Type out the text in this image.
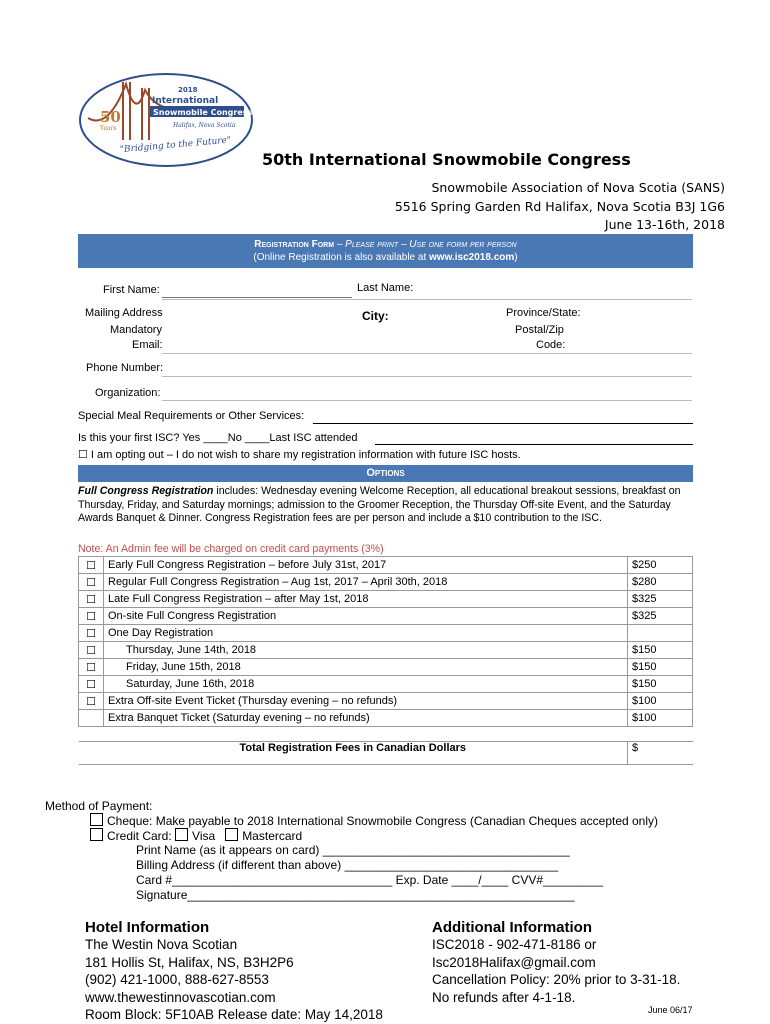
50
Years
2018
International
Snowmobile Congress
Halifax, Nova Scotia
"Bridging to the Future"
50th International Snowmobile Congress
Snowmobile Association of Nova Scotia (SANS)
5516 Spring Garden Rd Halifax, Nova Scotia B3J 1G6
June 13-16th, 2018
Registration Form – Please print – Use one form per person
(Online Registration is also available at www.isc2018.com)
First Name:	Last Name:
Mailing Address	City:	Province/State:
Mandatory	Postal/Zip
Email:	Code:
Phone Number:
Organization:
Special Meal Requirements or Other Services:
Is this your first ISC? Yes ____No ____Last ISC attended
☐ I am opting out – I do not wish to share my registration information with future ISC hosts.
Options
Full Congress Registration includes: Wednesday evening Welcome Reception, all educational breakout sessions, breakfast on Thursday, Friday, and Saturday mornings; admission to the Groomer Reception, the Thursday Off-site Event, and the Saturday Awards Banquet & Dinner. Congress Registration fees are per person and include a $10 contribution to the ISC.
Note: An Admin fee will be charged on credit card payments (3%)
☐	Early Full Congress Registration – before July 31st, 2017	$250
☐	Regular Full Congress Registration – Aug 1st, 2017 – April 30th, 2018	$280
☐	Late Full Congress Registration – after May 1st, 2018	$325
☐	On-site Full Congress Registration	$325
☐	One Day Registration	
☐	Thursday, June 14th, 2018	$150
☐	Friday, June 15th, 2018	$150
☐	Saturday, June 16th, 2018	$150
☐	Extra Off-site Event Ticket (Thursday evening – no refunds)	$100
	Extra Banquet Ticket (Saturday evening – no refunds)	$100

Total Registration Fees in Canadian Dollars		$
Method of Payment:
Cheque: Make payable to 2018 International Snowmobile Congress (Canadian Cheques accepted only)
Credit Card: Visa Mastercard
Print Name (as it appears on card) _____________________________________
Billing Address (if different than above) ________________________________
Card #_________________________________ Exp. Date ____/____ CVV#_________
Signature__________________________________________________________
Hotel Information
The Westin Nova Scotian
181 Hollis St, Halifax, NS, B3H2P6
(902) 421-1000, 888-627-8553
www.thewestinnovascotian.com
Room Block: 5F10AB Release date: May 14,2018
Additional Information
ISC2018 - 902-471-8186 or
Isc2018Halifax@gmail.com
Cancellation Policy: 20% prior to 3-31-18.
No refunds after 4-1-18.
June 06/17
